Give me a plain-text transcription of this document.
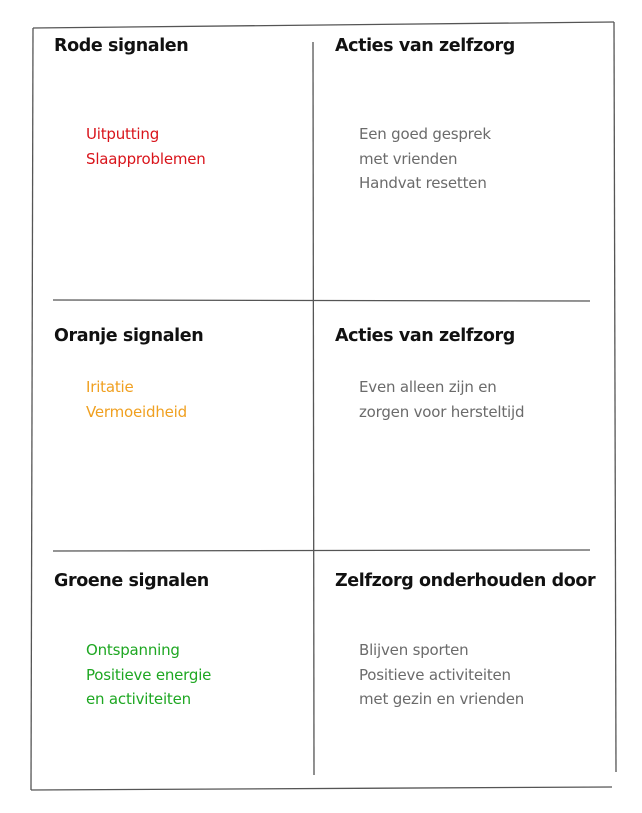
Rode signalen
Uitputting
Slaapproblemen
Acties van zelfzorg
Een goed gesprek
met vrienden
Handvat resetten
Oranje signalen
Iritatie
Vermoeidheid
Acties van zelfzorg
Even alleen zijn en
zorgen voor hersteltijd
Groene signalen
Ontspanning
Positieve energie
en activiteiten
Zelfzorg onderhouden door
Blijven sporten
Positieve activiteiten
met gezin en vrienden
